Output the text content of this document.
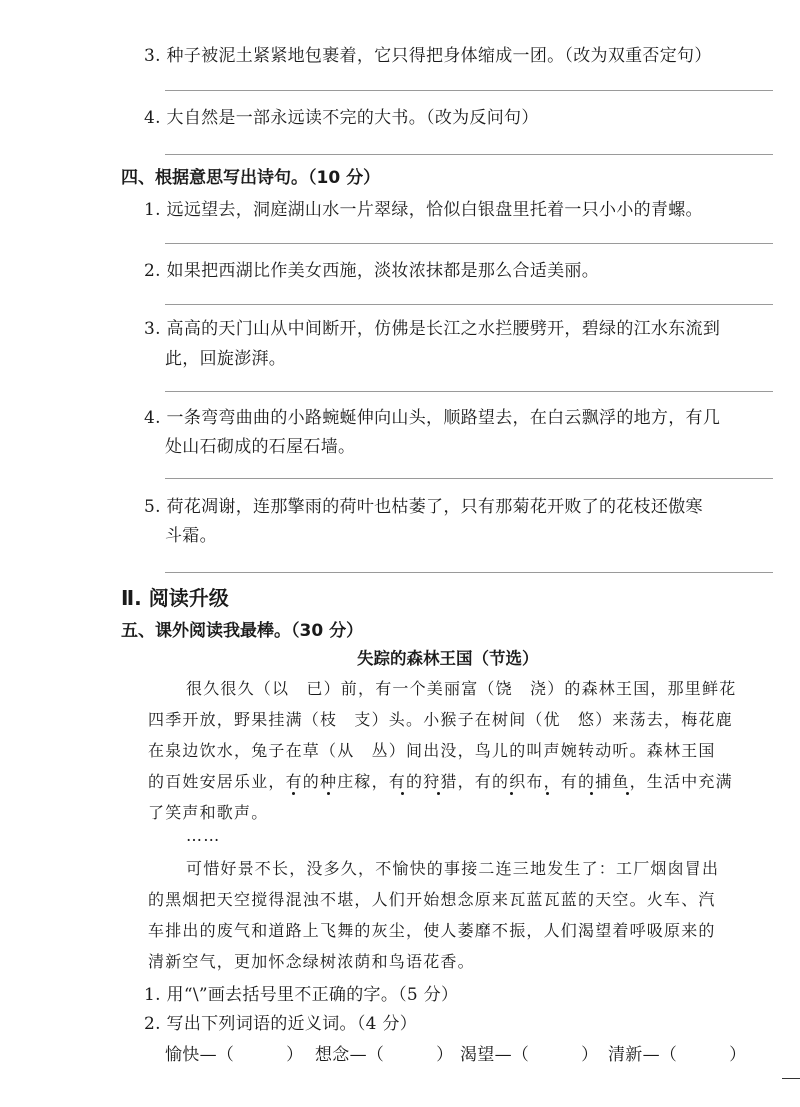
3. 种子被泥土紧紧地包裹着，它只得把身体缩成一团。（改为双重否定句）
4. 大自然是一部永远读不完的大书。（改为反问句）
四、根据意思写出诗句。（10 分）
1. 远远望去，洞庭湖山水一片翠绿，恰似白银盘里托着一只小小的青螺。
2. 如果把西湖比作美女西施，淡妆浓抹都是那么合适美丽。
3. 高高的天门山从中间断开，仿佛是长江之水拦腰劈开，碧绿的江水东流到
此，回旋澎湃。
4. 一条弯弯曲曲的小路蜿蜒伸向山头，顺路望去，在白云飘浮的地方，有几
处山石砌成的石屋石墙。
5. 荷花凋谢，连那擎雨的荷叶也枯萎了，只有那菊花开败了的花枝还傲寒
斗霜。
Ⅱ. 阅读升级
五、课外阅读我最棒。（30 分）
失踪的森林王国（节选）
很久很久（以　已）前，有一个美丽富（饶　浇）的森林王国，那里鲜花
四季开放，野果挂满（枝　支）头。小猴子在树间（优　悠）来荡去，梅花鹿
在泉边饮水，兔子在草（从　丛）间出没，鸟儿的叫声婉转动听。森林王国
的百姓安居乐业，有的种庄稼，有的狩猎，有的织布，有的捕鱼，生活中充满
了笑声和歌声。
……
可惜好景不长，没多久，不愉快的事接二连三地发生了：工厂烟囱冒出
的黑烟把天空搅得混浊不堪，人们开始想念原来瓦蓝瓦蓝的天空。火车、汽
车排出的废气和道路上飞舞的灰尘，使人萎靡不振，人们渴望着呼吸原来的
清新空气，更加怀念绿树浓荫和鸟语花香。
1. 用“\”画去括号里不正确的字。（5 分）
2. 写出下列词语的近义词。（4 分）
愉快—（　　　） 想念—（　　　） 渴望—（　　　） 清新—（　　　）
